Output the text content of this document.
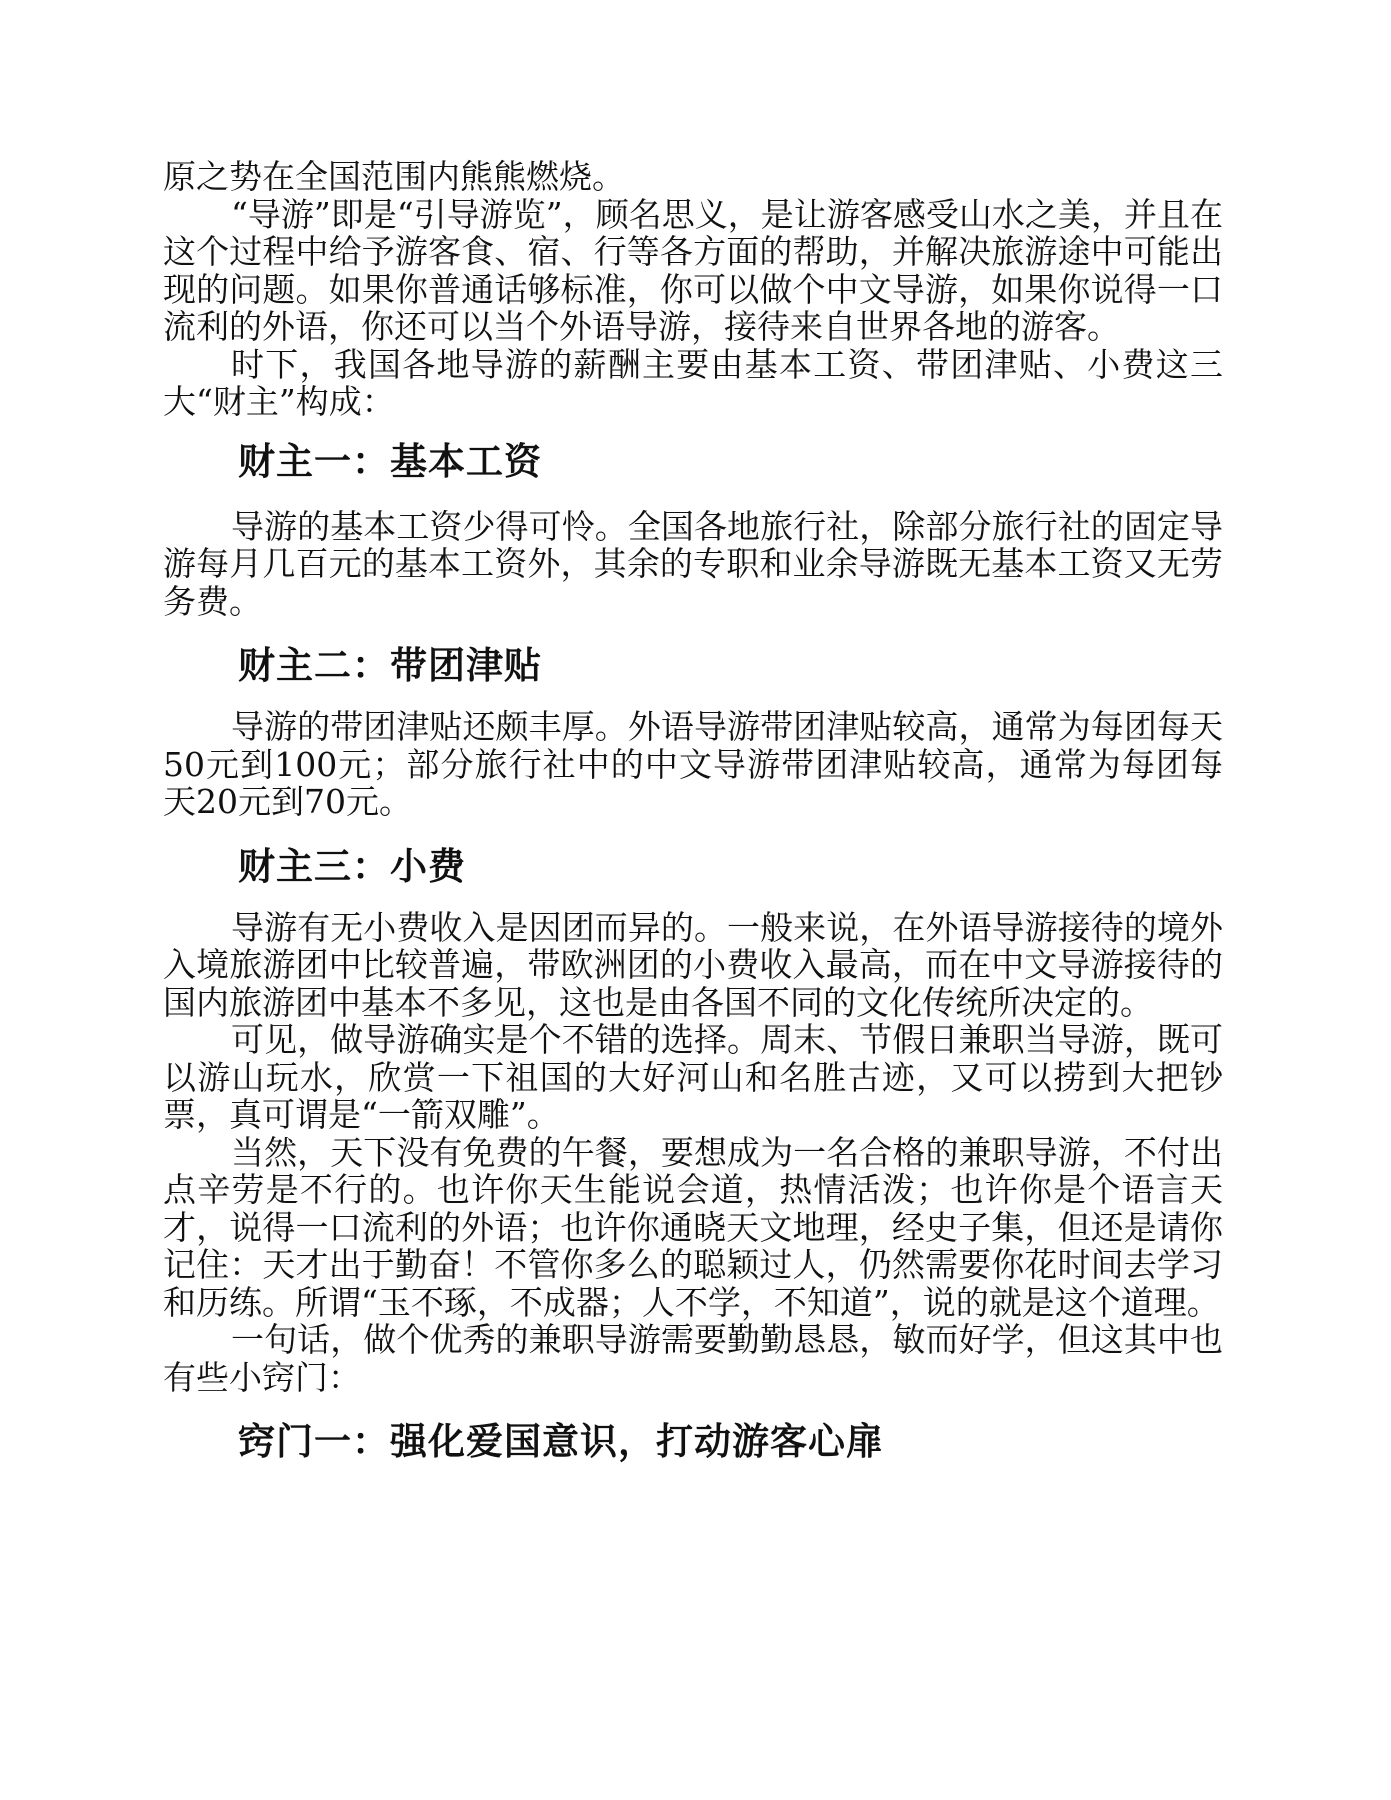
原之势在全国范围内熊熊燃烧。

“导游”即是“引导游览”，顾名思义，是让游客感受山水之美，并且在这个过程中给予游客食、宿、行等各方面的帮助，并解决旅游途中可能出现的问题。如果你普通话够标准，你可以做个中文导游，如果你说得一口流利的外语，你还可以当个外语导游，接待来自世界各地的游客。

时下，我国各地导游的薪酬主要由基本工资、带团津贴、小费这三大“财主”构成：

财主一：基本工资

导游的基本工资少得可怜。全国各地旅行社，除部分旅行社的固定导游每月几百元的基本工资外，其余的专职和业余导游既无基本工资又无劳务费。

财主二：带团津贴

导游的带团津贴还颇丰厚。外语导游带团津贴较高，通常为每团每天50元到100元；部分旅行社中的中文导游带团津贴较高，通常为每团每天20元到70元。

财主三：小费

导游有无小费收入是因团而异的。一般来说，在外语导游接待的境外入境旅游团中比较普遍，带欧洲团的小费收入最高，而在中文导游接待的国内旅游团中基本不多见，这也是由各国不同的文化传统所决定的。

可见，做导游确实是个不错的选择。周末、节假日兼职当导游，既可以游山玩水，欣赏一下祖国的大好河山和名胜古迹，又可以捞到大把钞票，真可谓是“一箭双雕”。

当然，天下没有免费的午餐，要想成为一名合格的兼职导游，不付出点辛劳是不行的。也许你天生能说会道，热情活泼；也许你是个语言天才，说得一口流利的外语；也许你通晓天文地理，经史子集，但还是请你记住：天才出于勤奋！不管你多么的聪颖过人，仍然需要你花时间去学习和历练。所谓“玉不琢，不成器；人不学，不知道”，说的就是这个道理。

一句话，做个优秀的兼职导游需要勤勤恳恳，敏而好学，但这其中也有些小窍门：

窍门一：强化爱国意识，打动游客心扉
